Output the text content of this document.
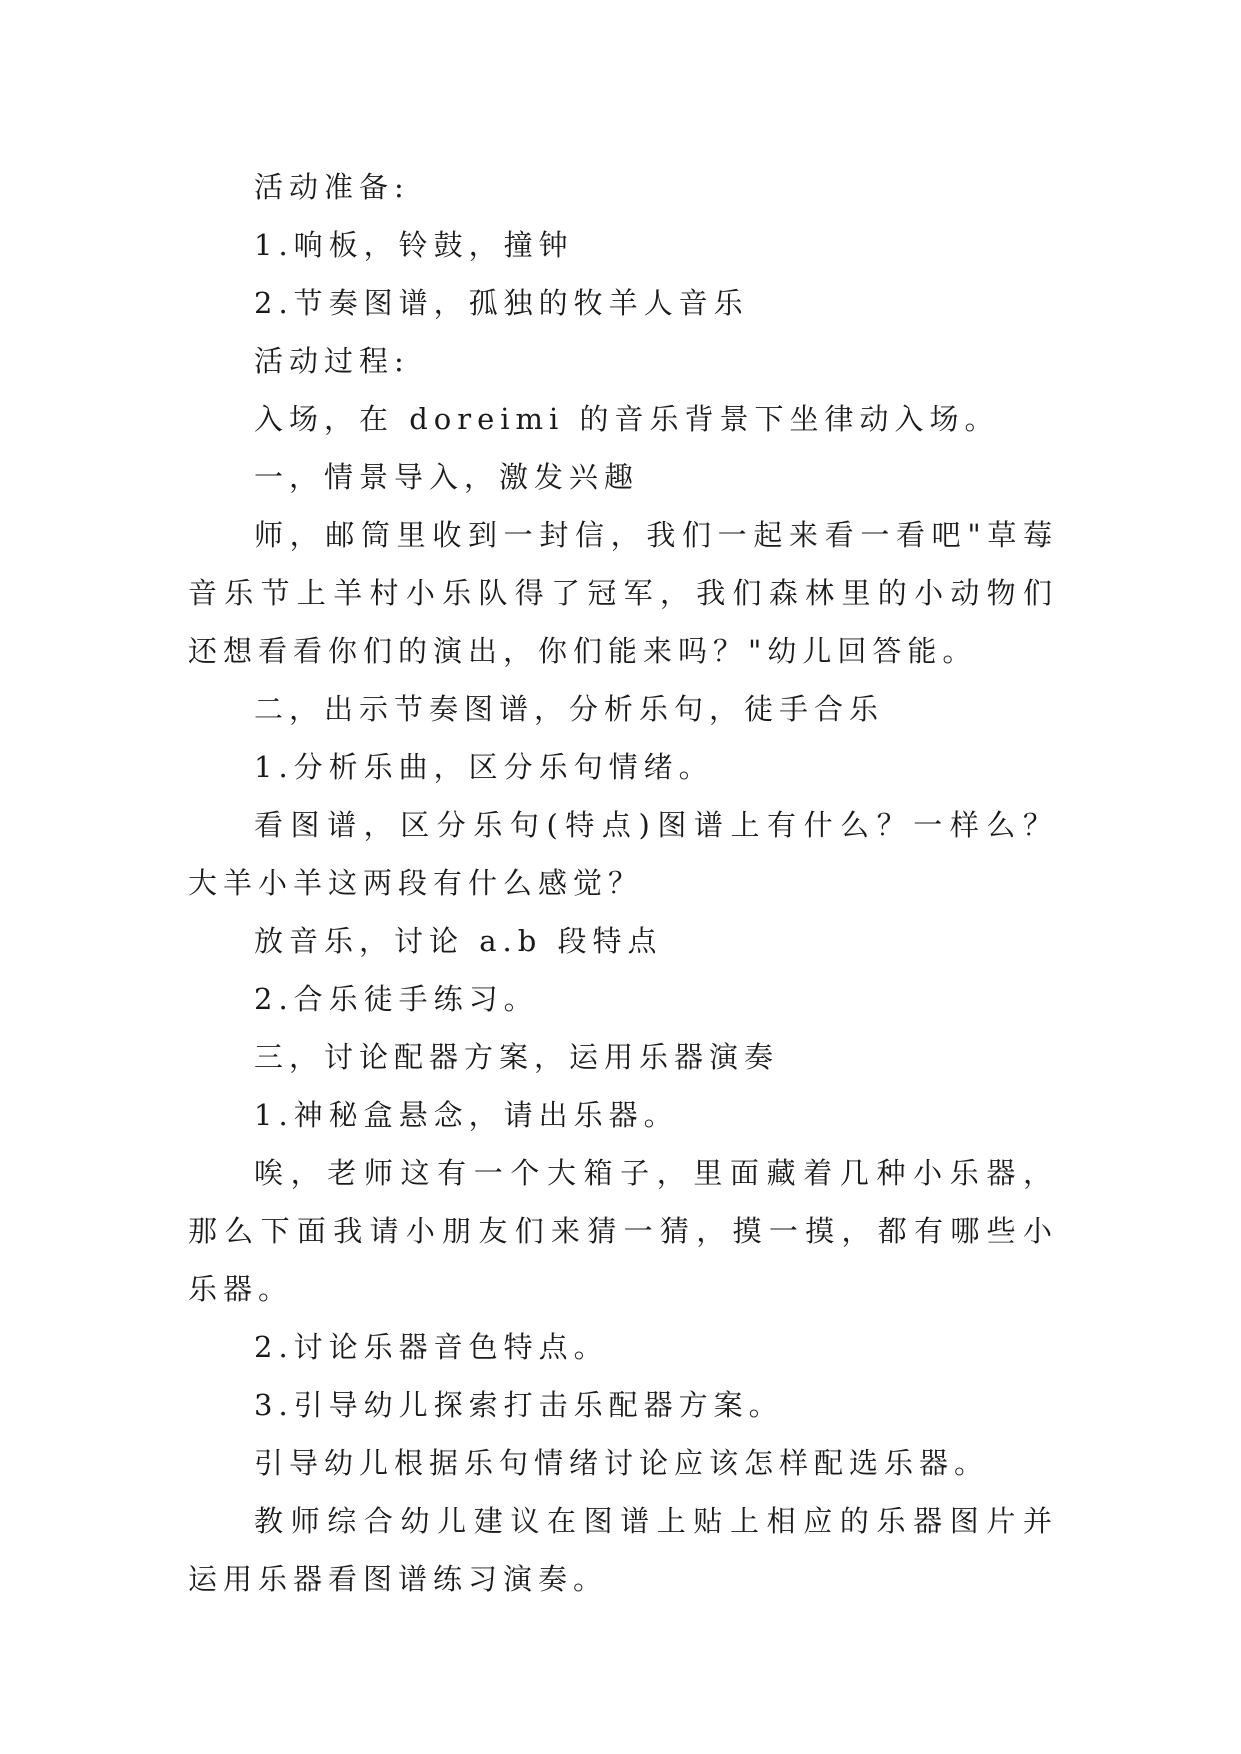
活动准备:

1.响板，铃鼓，撞钟

2.节奏图谱，孤独的牧羊人音乐

活动过程:

入场，在 doreimi 的音乐背景下坐律动入场。

一，情景导入，激发兴趣

师，邮筒里收到一封信，我们一起来看一看吧"草莓音乐节上羊村小乐队得了冠军，我们森林里的小动物们还想看看你们的演出，你们能来吗？"幼儿回答能。

二，出示节奏图谱，分析乐句，徒手合乐

1.分析乐曲，区分乐句情绪。

看图谱，区分乐句(特点)图谱上有什么？一样么？大羊小羊这两段有什么感觉？

放音乐，讨论 a.b 段特点

2.合乐徒手练习。

三，讨论配器方案，运用乐器演奏

1.神秘盒悬念，请出乐器。

唉，老师这有一个大箱子，里面藏着几种小乐器，那么下面我请小朋友们来猜一猜，摸一摸，都有哪些小乐器。

2.讨论乐器音色特点。

3.引导幼儿探索打击乐配器方案。

引导幼儿根据乐句情绪讨论应该怎样配选乐器。

教师综合幼儿建议在图谱上贴上相应的乐器图片并运用乐器看图谱练习演奏。
